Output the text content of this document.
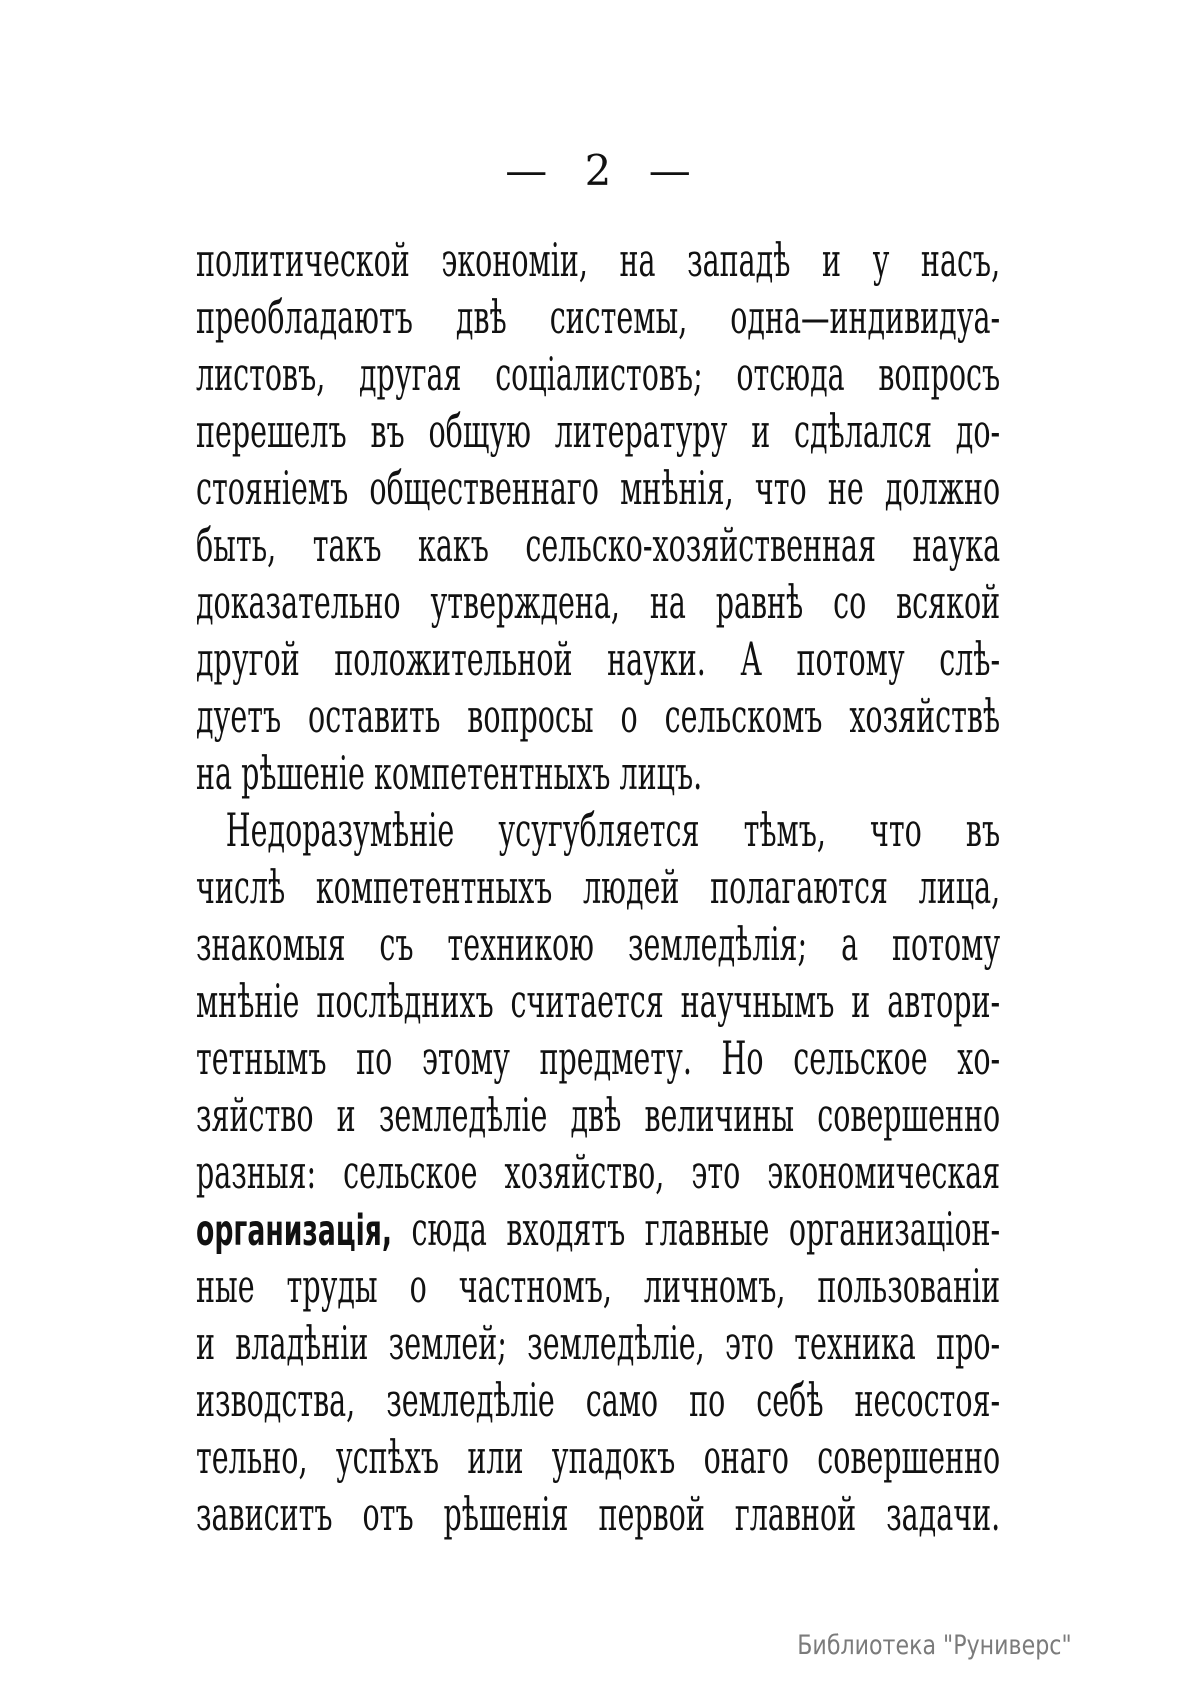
— 2 —
политической экономіи, на западѣ и у насъ,
преобладаютъ двѣ системы, одна—индивидуа-
листовъ, другая соціалистовъ; отсюда вопросъ
перешелъ въ общую литературу и сдѣлался до-
стояніемъ общественнаго мнѣнія, что не должно
быть, такъ какъ сельско-хозяйственная наука
доказательно утверждена, на равнѣ со всякой
другой положительной науки. А потому слѣ-
дуетъ оставить вопросы о сельскомъ хозяйствѣ
на рѣшеніе компетентныхъ лицъ.
Недоразумѣніе усугубляется тѣмъ, что въ
числѣ компетентныхъ людей полагаются лица,
знакомыя съ техникою земледѣлія; а потому
мнѣніе послѣднихъ считается научнымъ и автори-
тетнымъ по этому предмету. Но сельское хо-
зяйство и земледѣліе двѣ величины совершенно
разныя: сельское хозяйство, это экономическая
организація, сюда входятъ главные организаціон-
ные труды о частномъ, личномъ, пользованіи
и владѣніи землей; земледѣліе, это техника про-
изводства, земледѣліе само по себѣ несостоя-
тельно, успѣхъ или упадокъ онаго совершенно
зависитъ отъ рѣшенія первой главной задачи.
Библиотека "Руниверс"
